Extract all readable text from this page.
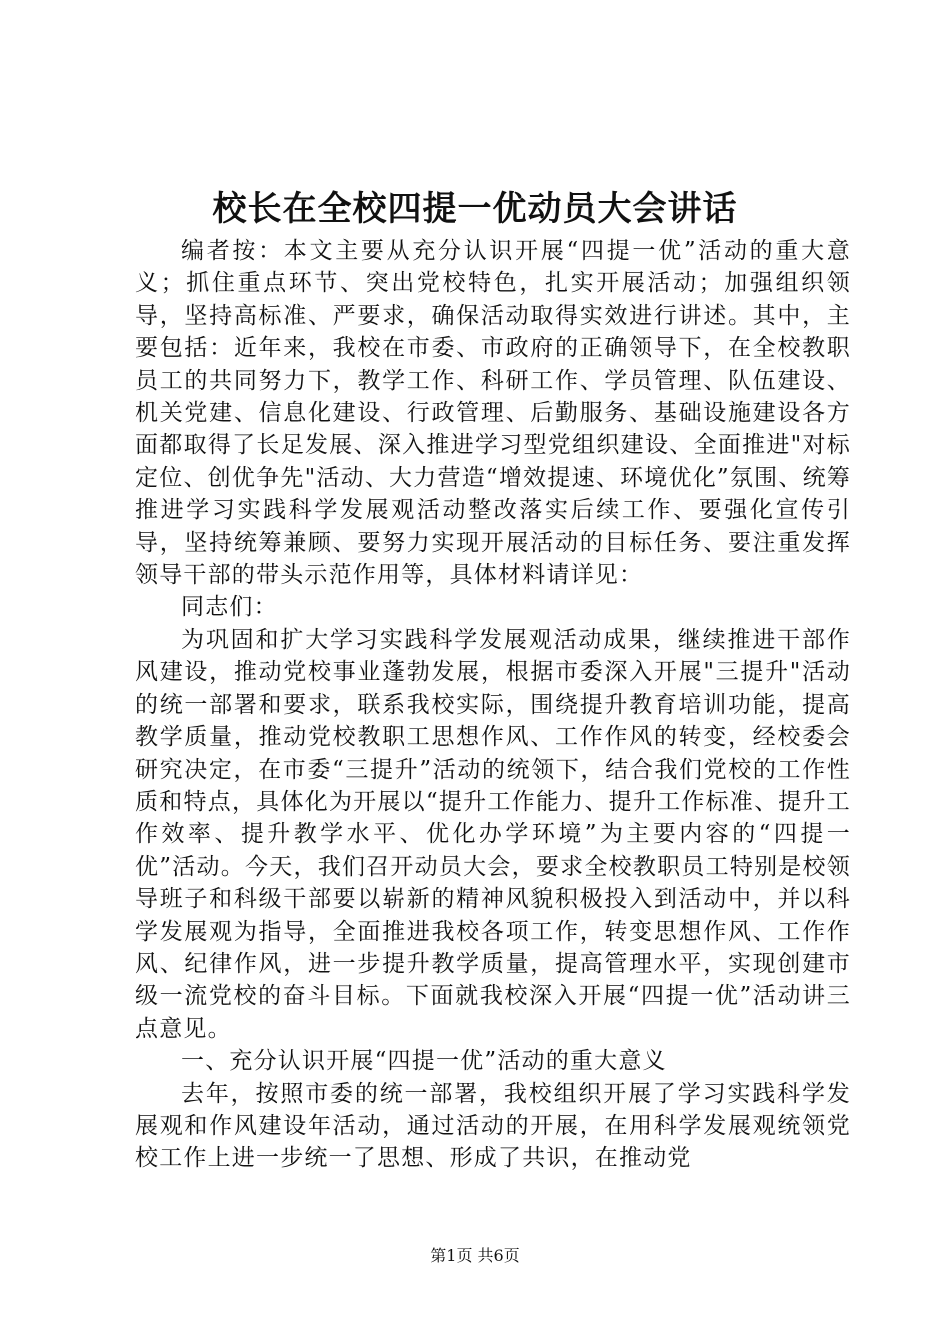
校长在全校四提一优动员大会讲话

编者按：本文主要从充分认识开展“四提一优”活动的重大意义；抓住重点环节、突出党校特色，扎实开展活动；加强组织领导，坚持高标准、严要求，确保活动取得实效进行讲述。其中，主要包括：近年来，我校在市委、市政府的正确领导下，在全校教职员工的共同努力下，教学工作、科研工作、学员管理、队伍建设、机关党建、信息化建设、行政管理、后勤服务、基础设施建设各方面都取得了长足发展、深入推进学习型党组织建设、全面推进"对标定位、创优争先"活动、大力营造“增效提速、环境优化”氛围、统筹推进学习实践科学发展观活动整改落实后续工作、要强化宣传引导，坚持统筹兼顾、要努力实现开展活动的目标任务、要注重发挥领导干部的带头示范作用等，具体材料请详见：

同志们：

为巩固和扩大学习实践科学发展观活动成果，继续推进干部作风建设，推动党校事业蓬勃发展，根据市委深入开展"三提升"活动的统一部署和要求，联系我校实际，围绕提升教育培训功能，提高教学质量，推动党校教职工思想作风、工作作风的转变，经校委会研究决定，在市委“三提升”活动的统领下，结合我们党校的工作性质和特点，具体化为开展以“提升工作能力、提升工作标准、提升工作效率、提升教学水平、优化办学环境”为主要内容的“四提一优”活动。今天，我们召开动员大会，要求全校教职员工特别是校领导班子和科级干部要以崭新的精神风貌积极投入到活动中，并以科学发展观为指导，全面推进我校各项工作，转变思想作风、工作作风、纪律作风，进一步提升教学质量，提高管理水平，实现创建市级一流党校的奋斗目标。下面就我校深入开展“四提一优”活动讲三点意见。

一、充分认识开展“四提一优”活动的重大意义

去年，按照市委的统一部署，我校组织开展了学习实践科学发展观和作风建设年活动，通过活动的开展，在用科学发展观统领党校工作上进一步统一了思想、形成了共识，在推动党

第1页 共6页
